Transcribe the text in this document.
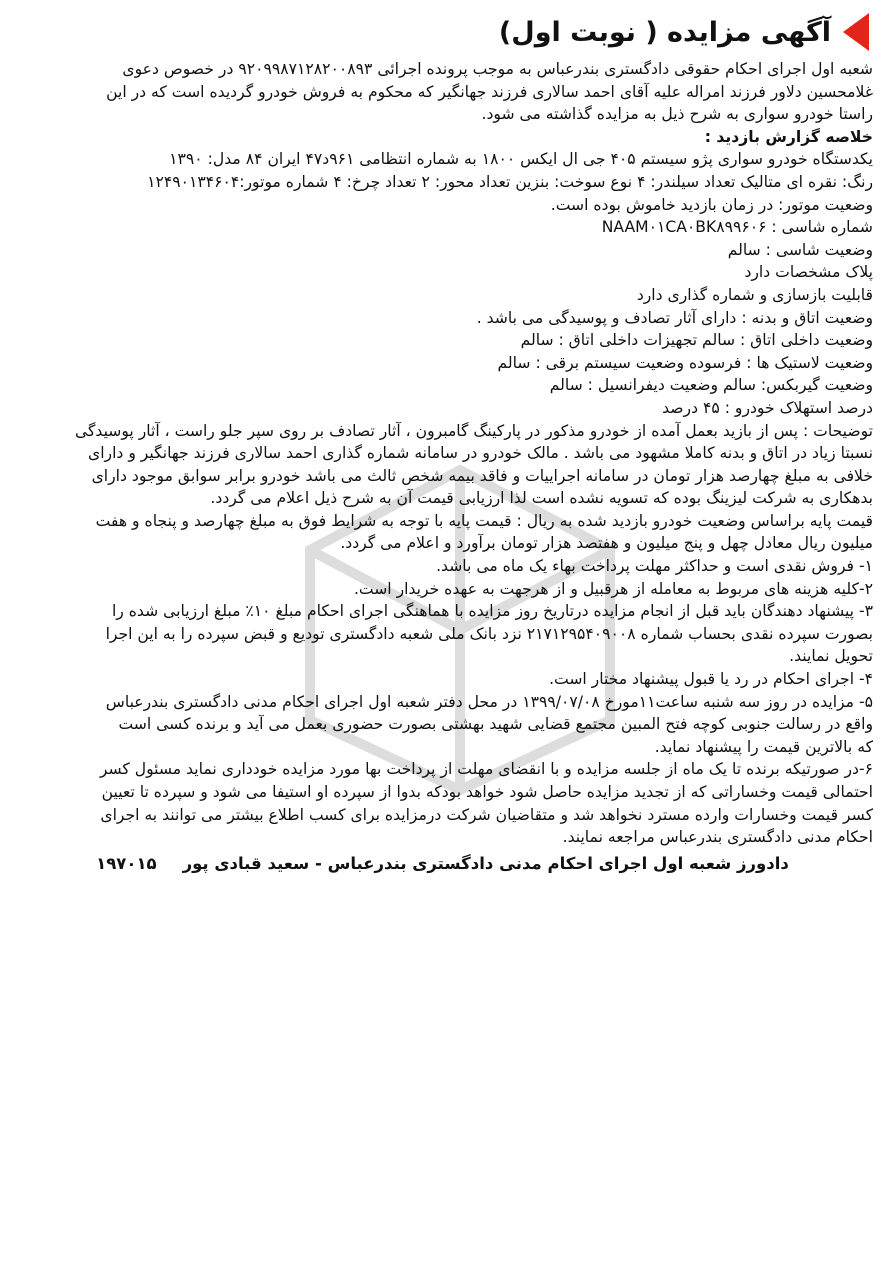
آگهی مزایده ( نوبت اول)
شعبه اول اجرای احکام حقوقی دادگستری بندرعباس به موجب پرونده اجرائی ۹۲۰۹۹۸۷۱۲۸۲۰۰۸۹۳ در خصوص دعوی
غلامحسین دلاور فرزند امراله علیه آقای احمد سالاری فرزند جهانگیر که محکوم به فروش خودرو گردیده است که در این
راستا خودرو سواری به شرح ذیل به مزایده گذاشته می شود.
خلاصه گزارش بازدید :
یکدستگاه خودرو سواری پژو سیستم ۴۰۵ جی ال ایکس ۱۸۰۰ به شماره انتظامی ۹۶۱د۴۷ ایران ۸۴ مدل: ۱۳۹۰
رنگ: نقره ای متالیک تعداد سیلندر: ۴ نوع سوخت: بنزین تعداد محور: ۲ تعداد چرخ: ۴ شماره موتور:۱۲۴۹۰۱۳۴۶۰۴
وضعیت موتور: در زمان بازدید خاموش بوده است.
شماره شاسی : NAAM۰۱CA۰BK۸۹۹۶۰۶
وضعیت شاسی : سالم
پلاک مشخصات دارد
قابلیت بازسازی و شماره گذاری دارد
وضعیت اتاق و بدنه : دارای آثار تصادف و پوسیدگی می باشد .
وضعیت داخلی اتاق : سالم تجهیزات داخلی اتاق : سالم
وضعیت لاستیک ها : فرسوده وضعیت سیستم برقی : سالم
وضعیت گیربکس: سالم وضعیت دیفرانسیل : سالم
درصد استهلاک خودرو : ۴۵ درصد
توضیحات : پس از بازید بعمل آمده از خودرو مذکور در پارکینگ گامبرون ، آثار تصادف بر روی سپر جلو راست ، آثار پوسیدگی
نسبتا زیاد در اتاق و بدنه کاملا مشهود می باشد . مالک خودرو در سامانه شماره گذاری احمد سالاری فرزند جهانگیر و دارای
خلافی به مبلغ چهارصد هزار تومان در سامانه اجراییات و فاقد بیمه شخص ثالث می باشد خودرو برابر سوابق موجود دارای
بدهکاری به شرکت لیزینگ بوده که تسویه نشده است لذا ارزیابی قیمت آن به شرح ذیل اعلام می گردد.
قیمت پایه براساس وضعیت خودرو بازدید شده به ریال : قیمت پایه با توجه به شرایط فوق به مبلغ چهارصد و پنجاه و هفت
میلیون ریال معادل چهل و پنج میلیون و هفتصد هزار تومان برآورد و اعلام می گردد.
۱- فروش نقدی است و حداکثر مهلت پرداخت بهاء یک ماه می باشد.
۲-کلیه هزینه های مربوط به معامله از هرقبیل و از هرجهت به عهده خریدار است.
۳- پیشنهاد دهندگان باید قبل از انجام مزایده درتاریخ روز مزایده با هماهنگی اجرای احکام مبلغ ۱۰٪ مبلغ ارزیابی شده را
بصورت سپرده نقدی بحساب شماره ۲۱۷۱۲۹۵۴۰۹۰۰۸ نزد بانک ملی شعبه دادگستری توديع و قبض سپرده را به این اجرا
تحویل نمایند.
۴- اجرای احکام در رد یا قبول پیشنهاد مختار است.
۵- مزایده در روز سه شنبه ساعت۱۱مورخ ۱۳۹۹/۰۷/۰۸ در محل دفتر شعبه اول اجرای احکام مدنی دادگستری بندرعباس
واقع در رسالت جنوبی کوچه فتح المبین مجتمع قضایی شهید بهشتی بصورت حضوری بعمل می آید و برنده کسی است
که بالاترین قیمت را پیشنهاد نماید.
۶-در صورتیکه برنده تا یک ماه از جلسه مزایده و با انقضای مهلت از پرداخت بها مورد مزایده خودداری نماید مسئول کسر
احتمالی قیمت وخساراتی که از تجدید مزایده حاصل شود خواهد بودکه بدوا از سپرده او استیفا می شود و سپرده تا تعیین
کسر قیمت وخسارات وارده مسترد نخواهد شد و متقاضیان شرکت درمزایده برای کسب اطلاع بیشتر می توانند به اجرای
احکام مدنی دادگستری بندرعباس مراجعه نمایند.
دادورز شعبه اول اجرای احکام مدنی دادگستری بندرعباس - سعید قبادی پور۱۹۷۰۱۵
